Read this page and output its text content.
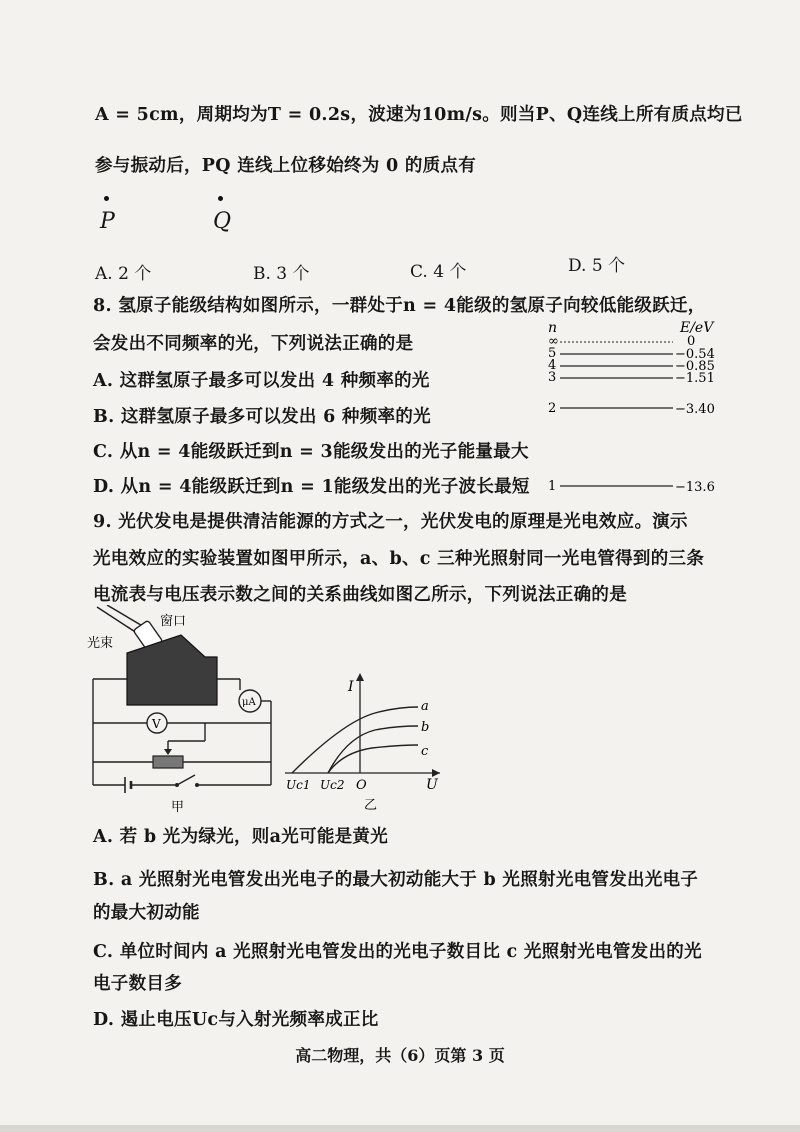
A = 5cm，周期均为T = 0.2s，波速为10m/s。则当P、Q连线上所有质点均已
参与振动后，PQ 连线上位移始终为 0 的质点有
P	Q
A. 2 个	B. 3 个	C. 4 个	D. 5 个
8. 氢原子能级结构如图所示，一群处于n = 4能级的氢原子向较低能级跃迁，
会发出不同频率的光，下列说法正确的是
A. 这群氢原子最多可以发出 4 种频率的光
B. 这群氢原子最多可以发出 6 种频率的光
C. 从n = 4能级跃迁到n = 3能级发出的光子能量最大
D. 从n = 4能级跃迁到n = 1能级发出的光子波长最短
n	E/eV
∞	0
5	−0.54
4	−0.85
3	−1.51
2	−3.40
1	−13.6
9. 光伏发电是提供清洁能源的方式之一，光伏发电的原理是光电效应。演示
光电效应的实验装置如图甲所示，a、b、c 三种光照射同一光电管得到的三条
电流表与电压表示数之间的关系曲线如图乙所示，下列说法正确的是
窗口
光束
μA
V
甲
I
U
O
Uc1 Uc2
a
b
c
乙
A. 若 b 光为绿光，则a光可能是黄光
B. a 光照射光电管发出光电子的最大初动能大于 b 光照射光电管发出光电子
的最大初动能
C. 单位时间内 a 光照射光电管发出的光电子数目比 c 光照射光电管发出的光
电子数目多
D. 遏止电压Uc与入射光频率成正比
高二物理，共（6）页第 3 页
